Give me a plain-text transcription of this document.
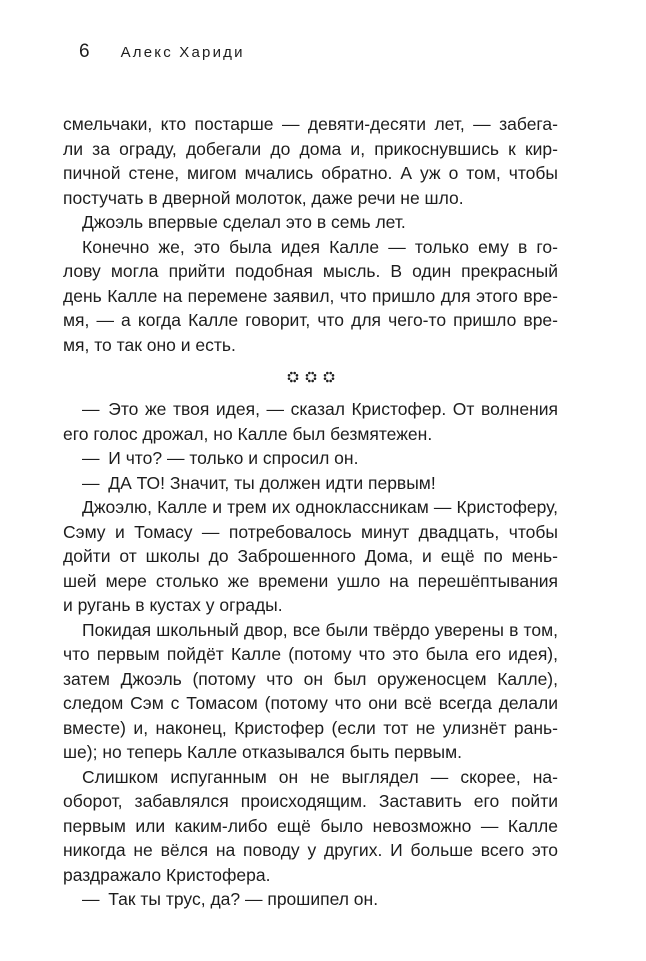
6 Алекс Хариди

смельчаки, кто постарше — девяти-десяти лет, — забега-
ли за ограду, добегали до дома и, прикоснувшись к кир-
пичной стене, мигом мчались обратно. А уж о том, чтобы
постучать в дверной молоток, даже речи не шло.

Джоэль впервые сделал это в семь лет.

Конечно же, это была идея Калле — только ему в го-
лову могла прийти подобная мысль. В один прекрасный
день Калле на перемене заявил, что пришло для этого вре-
мя, — а когда Калле говорит, что для чего-то пришло вре-
мя, то так оно и есть.

— Это же твоя идея, — сказал Кристофер. От волнения
его голос дрожал, но Калле был безмятежен.

— И что? — только и спросил он.

— ДА ТО! Значит, ты должен идти первым!

Джоэлю, Калле и трем их одноклассникам — Кристоферу,
Сэму и Томасу — потребовалось минут двадцать, чтобы
дойти от школы до Заброшенного Дома, и ещё по мень-
шей мере столько же времени ушло на перешёптывания
и ругань в кустах у ограды.

Покидая школьный двор, все были твёрдо уверены в том,
что первым пойдёт Калле (потому что это была его идея),
затем Джоэль (потому что он был оруженосцем Калле),
следом Сэм с Томасом (потому что они всё всегда делали
вместе) и, наконец, Кристофер (если тот не улизнёт рань-
ше); но теперь Калле отказывался быть первым.

Слишком испуганным он не выглядел — скорее, на-
оборот, забавлялся происходящим. Заставить его пойти
первым или каким-либо ещё было невозможно — Калле
никогда не вёлся на поводу у других. И больше всего это
раздражало Кристофера.

— Так ты трус, да? — прошипел он.
